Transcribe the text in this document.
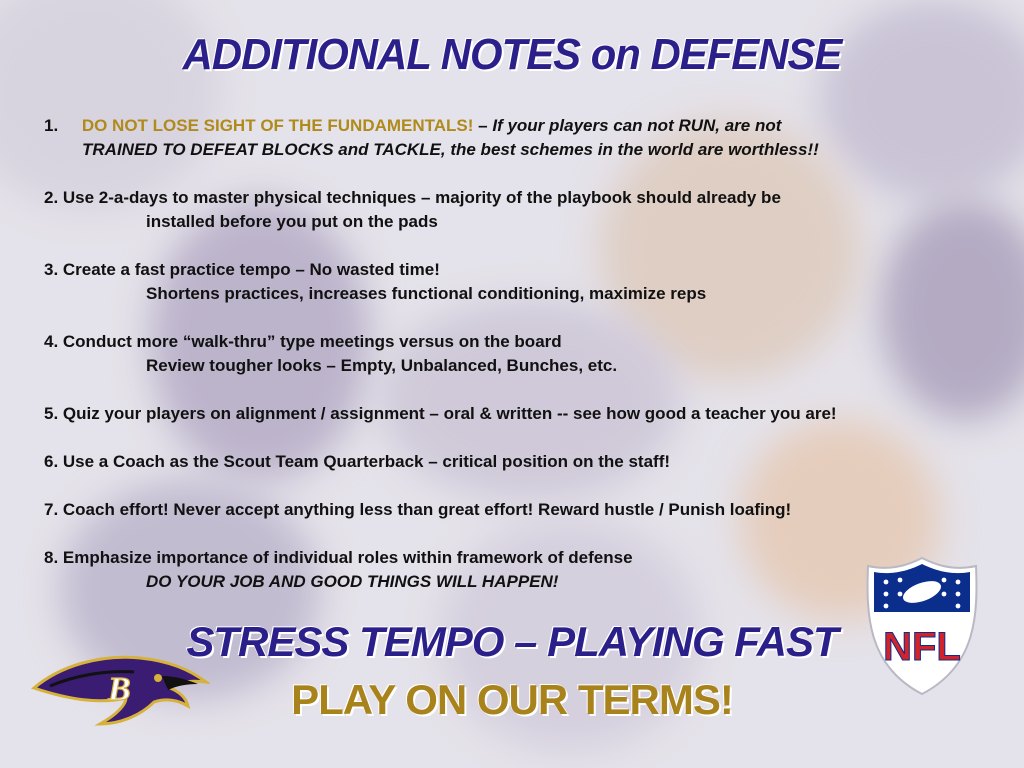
ADDITIONAL NOTES on DEFENSE
1. DO NOT LOSE SIGHT OF THE FUNDAMENTALS! – If your players can not RUN, are not
TRAINED TO DEFEAT BLOCKS and TACKLE, the best schemes in the world are worthless!!
2. Use 2-a-days to master physical techniques – majority of the playbook should already be
installed before you put on the pads
3. Create a fast practice tempo – No wasted time!
Shortens practices, increases functional conditioning, maximize reps
4. Conduct more “walk-thru” type meetings versus on the board
Review tougher looks – Empty, Unbalanced, Bunches, etc.
5. Quiz your players on alignment / assignment – oral & written -- see how good a teacher you are!
6. Use a Coach as the Scout Team Quarterback – critical position on the staff!
7. Coach effort! Never accept anything less than great effort! Reward hustle / Punish loafing!
8. Emphasize importance of individual roles within framework of defense
DO YOUR JOB AND GOOD THINGS WILL HAPPEN!
STRESS TEMPO – PLAYING FAST
PLAY ON OUR TERMS!
B
NFL
